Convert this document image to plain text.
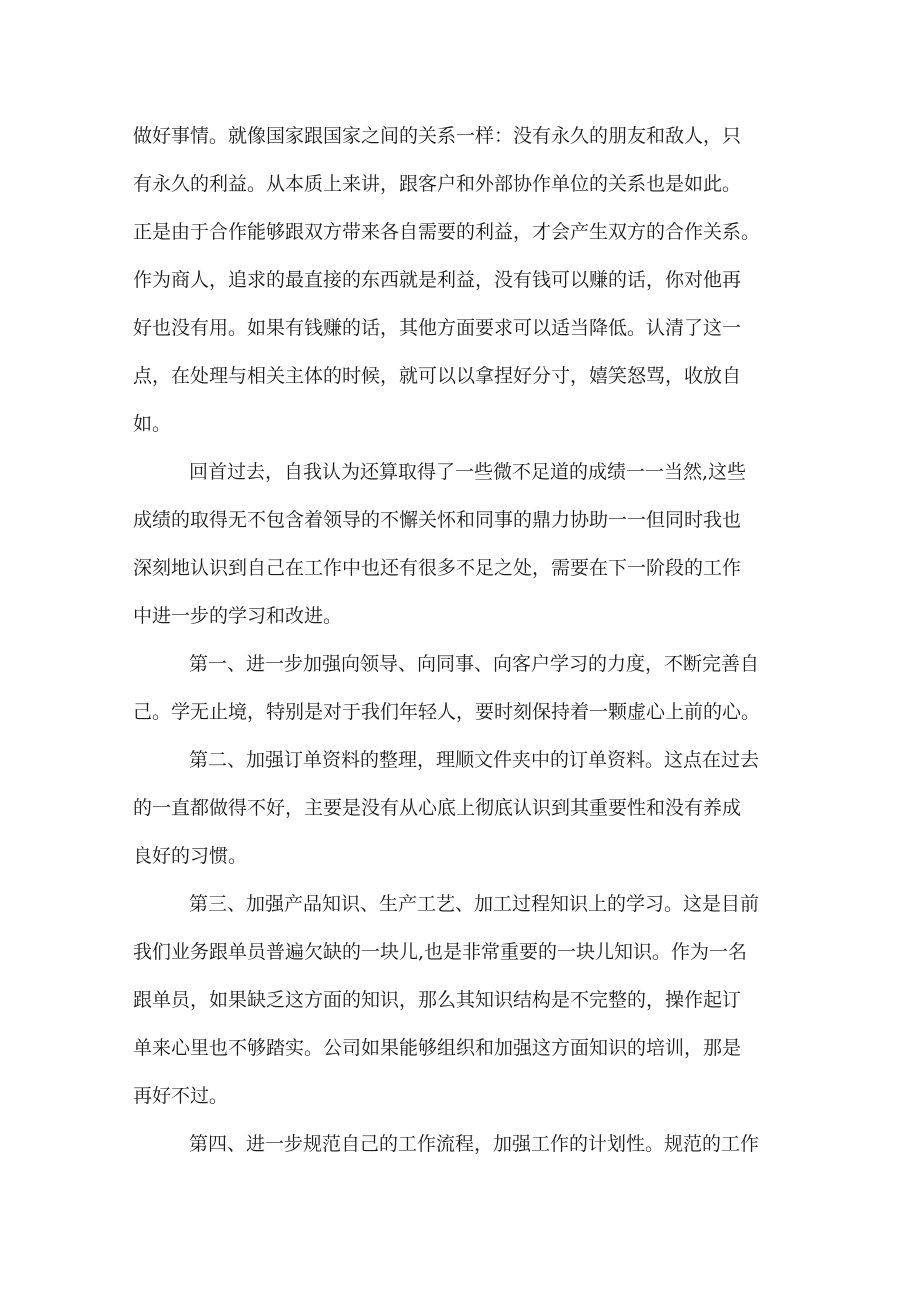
做好事情。就像国家跟国家之间的关系一样：没有永久的朋友和敌人，只
有永久的利益。从本质上来讲，跟客户和外部协作单位的关系也是如此。
正是由于合作能够跟双方带来各自需要的利益，才会产生双方的合作关系。
作为商人，追求的最直接的东西就是利益，没有钱可以赚的话，你对他再
好也没有用。如果有钱赚的话，其他方面要求可以适当降低。认清了这一
点，在处理与相关主体的时候，就可以以拿捏好分寸，嬉笑怒骂，收放自
如。
回首过去，自我认为还算取得了一些微不足道的成绩一一当然,这些
成绩的取得无不包含着领导的不懈关怀和同事的鼎力协助一一但同时我也
深刻地认识到自己在工作中也还有很多不足之处，需要在下一阶段的工作
中进一步的学习和改进。
第一、进一步加强向领导、向同事、向客户学习的力度，不断完善自
己。学无止境，特别是对于我们年轻人，要时刻保持着一颗虚心上前的心。
第二、加强订单资料的整理，理顺文件夹中的订单资料。这点在过去
的一直都做得不好，主要是没有从心底上彻底认识到其重要性和没有养成
良好的习惯。
第三、加强产品知识、生产工艺、加工过程知识上的学习。这是目前
我们业务跟单员普遍欠缺的一块儿,也是非常重要的一块儿知识。作为一名
跟单员，如果缺乏这方面的知识，那么其知识结构是不完整的，操作起订
单来心里也不够踏实。公司如果能够组织和加强这方面知识的培训，那是
再好不过。
第四、进一步规范自己的工作流程，加强工作的计划性。规范的工作
